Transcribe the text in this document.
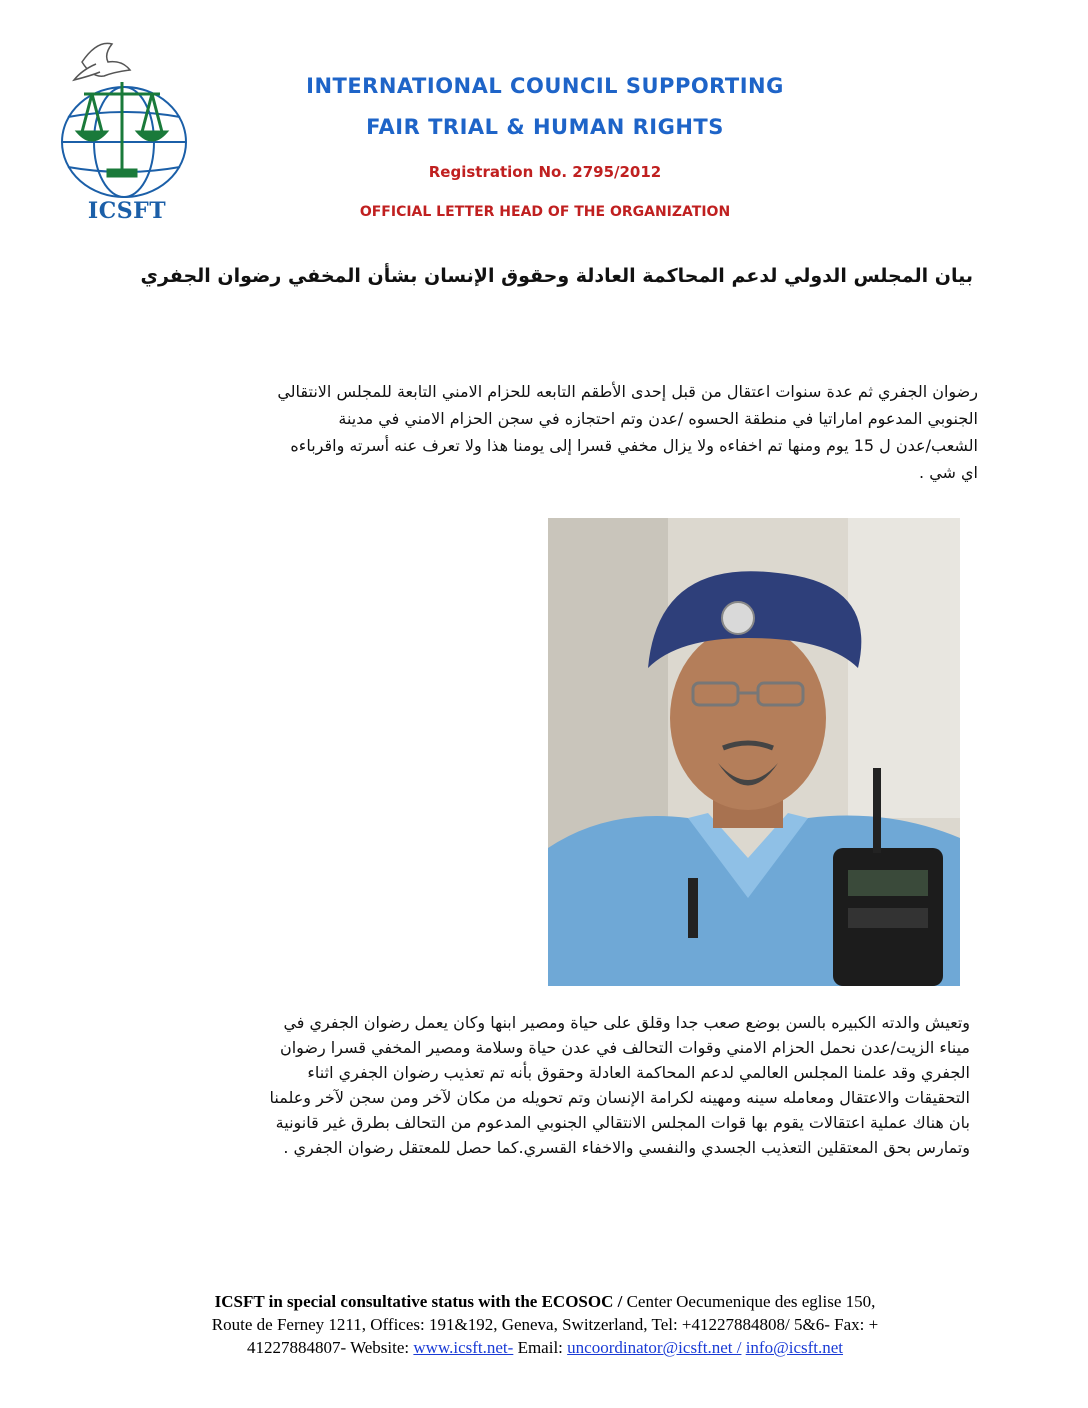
ICSFT
INTERNATIONAL COUNCIL SUPPORTING
FAIR TRIAL & HUMAN RIGHTS
Registration No. 2795/2012
OFFICIAL LETTER HEAD OF THE ORGANIZATION
بيان المجلس الدولي لدعم المحاكمة العادلة وحقوق الإنسان بشأن المخفي رضوان الجفري

رضوان الجفري ثم عدة سنوات اعتقال من قبل إحدى الأطقم التابعه للحزام الامني التابعة للمجلس الانتقالي

الجنوبي المدعوم اماراتيا في منطقة الحسوه /عدن وتم احتجازه في سجن الحزام الامني في مدينة

الشعب/عدن ل 15 يوم ومنها تم اخفاءه ولا يزال مخفي قسرا إلى يومنا هذا ولا تعرف عنه أسرته واقرباءه

اي شي .

وتعيش والدته الكبيره بالسن بوضع صعب جدا وقلق على حياة ومصير ابنها وكان يعمل رضوان الجفري في

ميناء الزيت/عدن نحمل الحزام الامني وقوات التحالف في عدن حياة وسلامة ومصير المخفي قسرا رضوان

الجفري وقد علمنا المجلس العالمي لدعم المحاكمة العادلة وحقوق بأنه تم تعذيب رضوان الجفري اثناء

التحقيقات والاعتقال ومعامله سينه ومهينه لكرامة الإنسان وتم تحويله من مكان لآخر ومن سجن لآخر وعلمنا

بان هناك عملية اعتقالات يقوم بها قوات المجلس الانتقالي الجنوبي المدعوم من التحالف بطرق غير قانونية

وتمارس بحق المعتقلين التعذيب الجسدي والنفسي والاخفاء القسري.كما حصل للمعتقل رضوان الجفري .

ICSFT in special consultative status with the ECOSOC / Center Oecumenique des eglise 150,
Route de Ferney 1211, Offices: 191&192, Geneva, Switzerland, Tel: +41227884808/ 5&6- Fax: +
41227884807- Website: www.icsft.net- Email: uncoordinator@icsft.net / info@icsft.net
